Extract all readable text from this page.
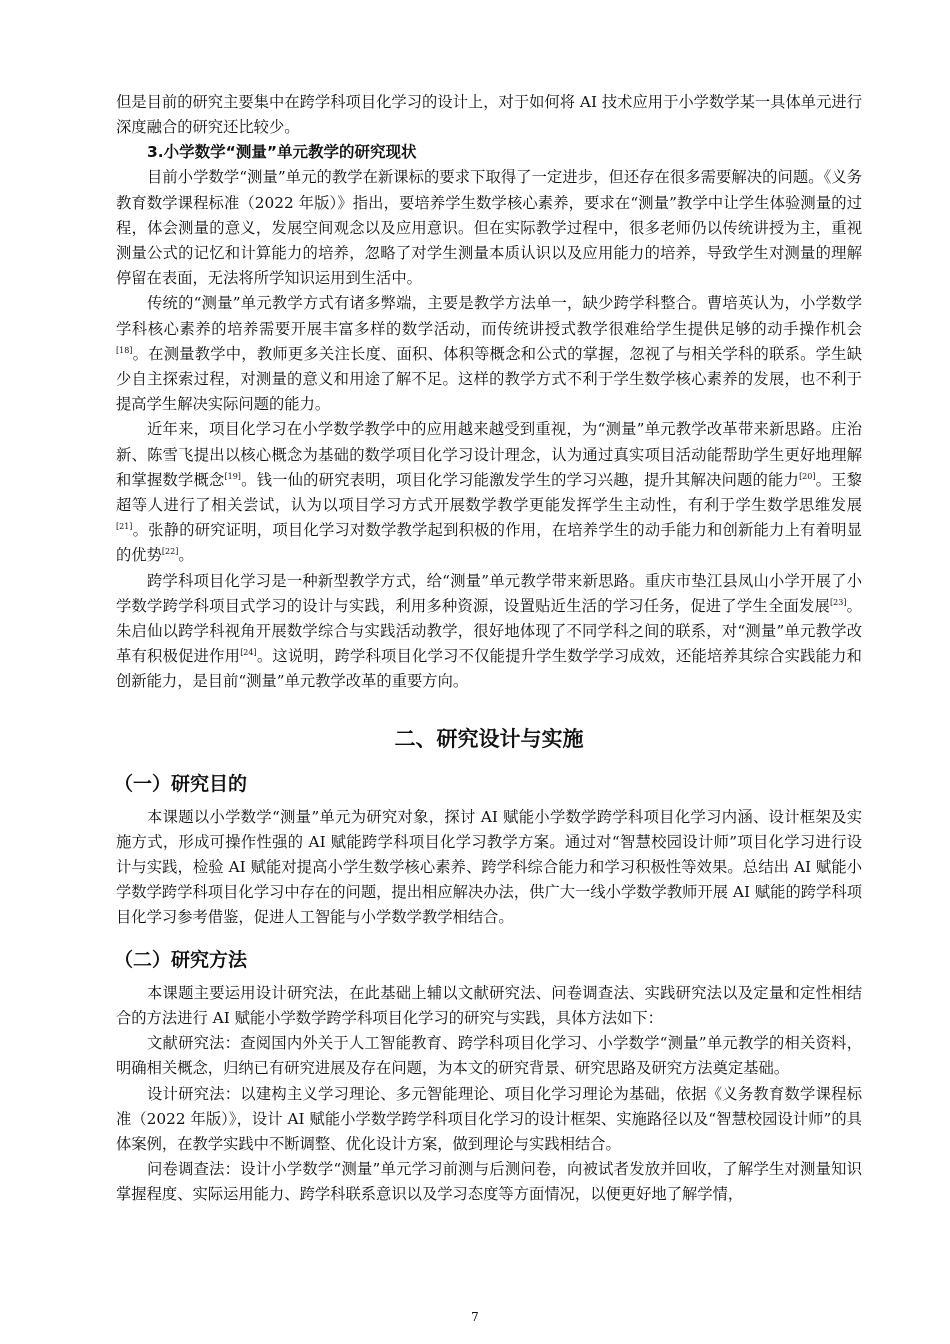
但是目前的研究主要集中在跨学科项目化学习的设计上，对于如何将 AI 技术应用于小学数学某一具体单元进行深度融合的研究还比较少。

3.小学数学“测量”单元教学的研究现状

目前小学数学“测量”单元的教学在新课标的要求下取得了一定进步，但还存在很多需要解决的问题。《义务教育数学课程标准（2022 年版）》指出，要培养学生数学核心素养，要求在“测量”教学中让学生体验测量的过程，体会测量的意义，发展空间观念以及应用意识。但在实际教学过程中，很多老师仍以传统讲授为主，重视测量公式的记忆和计算能力的培养，忽略了对学生测量本质认识以及应用能力的培养，导致学生对测量的理解停留在表面，无法将所学知识运用到生活中。

传统的“测量”单元教学方式有诸多弊端，主要是教学方法单一，缺少跨学科整合。曹培英认为，小学数学学科核心素养的培养需要开展丰富多样的数学活动，而传统讲授式教学很难给学生提供足够的动手操作机会[18]。在测量教学中，教师更多关注长度、面积、体积等概念和公式的掌握，忽视了与相关学科的联系。学生缺少自主探索过程，对测量的意义和用途了解不足。这样的教学方式不利于学生数学核心素养的发展，也不利于提高学生解决实际问题的能力。

近年来，项目化学习在小学数学教学中的应用越来越受到重视，为“测量”单元教学改革带来新思路。庄治新、陈雪飞提出以核心概念为基础的数学项目化学习设计理念，认为通过真实项目活动能帮助学生更好地理解和掌握数学概念[19]。钱一仙的研究表明，项目化学习能激发学生的学习兴趣，提升其解决问题的能力[20]。王黎超等人进行了相关尝试，认为以项目学习方式开展数学教学更能发挥学生主动性，有利于学生数学思维发展[21]。张静的研究证明，项目化学习对数学教学起到积极的作用，在培养学生的动手能力和创新能力上有着明显的优势[22]。

跨学科项目化学习是一种新型教学方式，给“测量”单元教学带来新思路。重庆市垫江县凤山小学开展了小学数学跨学科项目式学习的设计与实践，利用多种资源，设置贴近生活的学习任务，促进了学生全面发展[23]。朱启仙以跨学科视角开展数学综合与实践活动教学，很好地体现了不同学科之间的联系，对“测量”单元教学改革有积极促进作用[24]。这说明，跨学科项目化学习不仅能提升学生数学学习成效，还能培养其综合实践能力和创新能力，是目前“测量”单元教学改革的重要方向。

二、研究设计与实施
（一）研究目的

本课题以小学数学“测量”单元为研究对象，探讨 AI 赋能小学数学跨学科项目化学习内涵、设计框架及实施方式，形成可操作性强的 AI 赋能跨学科项目化学习教学方案。通过对“智慧校园设计师”项目化学习进行设计与实践，检验 AI 赋能对提高小学生数学核心素养、跨学科综合能力和学习积极性等效果。总结出 AI 赋能小学数学跨学科项目化学习中存在的问题，提出相应解决办法，供广大一线小学数学教师开展 AI 赋能的跨学科项目化学习参考借鉴，促进人工智能与小学数学教学相结合。

（二）研究方法

本课题主要运用设计研究法，在此基础上辅以文献研究法、问卷调查法、实践研究法以及定量和定性相结合的方法进行 AI 赋能小学数学跨学科项目化学习的研究与实践，具体方法如下：

文献研究法：查阅国内外关于人工智能教育、跨学科项目化学习、小学数学“测量”单元教学的相关资料，明确相关概念，归纳已有研究进展及存在问题，为本文的研究背景、研究思路及研究方法奠定基础。

设计研究法：以建构主义学习理论、多元智能理论、项目化学习理论为基础，依据《义务教育数学课程标准（2022 年版）》，设计 AI 赋能小学数学跨学科项目化学习的设计框架、实施路径以及“智慧校园设计师”的具体案例，在教学实践中不断调整、优化设计方案，做到理论与实践相结合。

问卷调查法：设计小学数学“测量”单元学习前测与后测问卷，向被试者发放并回收，了解学生对测量知识掌握程度、实际运用能力、跨学科联系意识以及学习态度等方面情况，以便更好地了解学情，

7
